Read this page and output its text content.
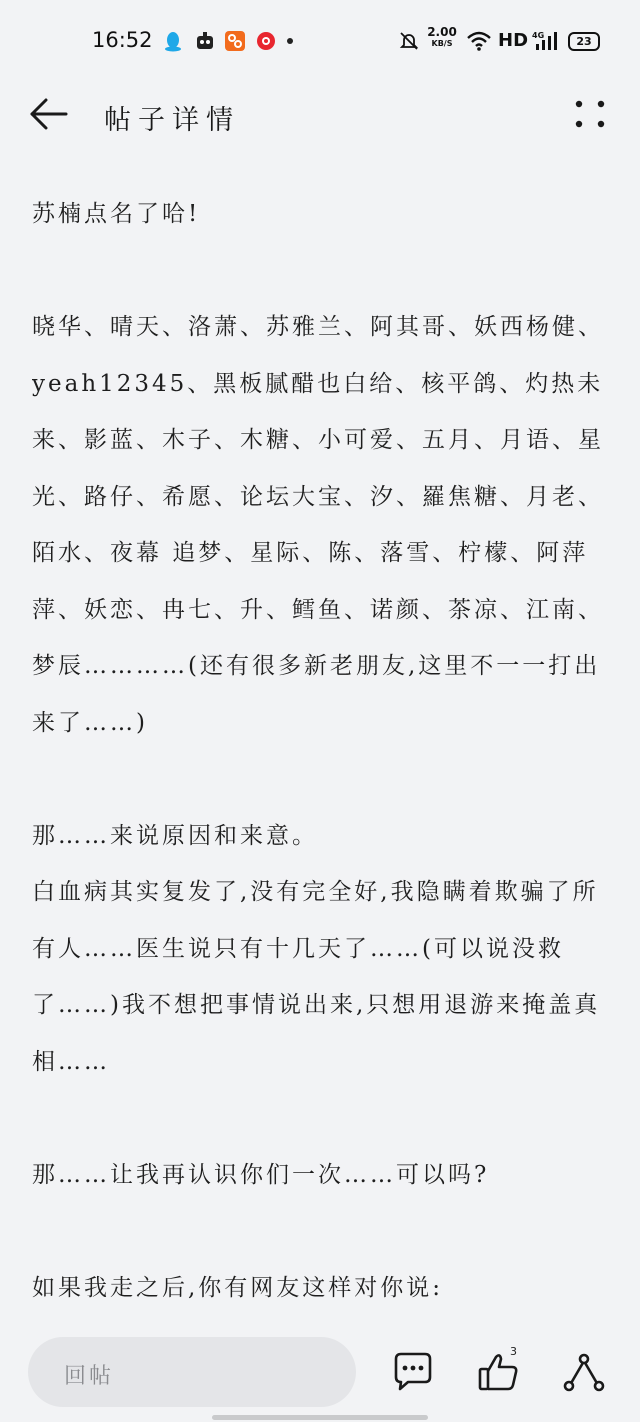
16:52	2.00
KB/S	HD 4G	23
帖子详情

苏楠点名了哈!

晓华、晴天、洛萧、苏雅兰、阿其哥、妖西杨健、yeah12345、黑板腻醋也白给、核平鸽、灼热未来、影蓝、木子、木糖、小可爱、五月、月语、星光、路仔、希愿、论坛大宝、汐、羅焦糖、月老、陌水、夜幕 追梦、星际、陈、落雪、柠檬、阿萍萍、妖恋、冉七、升、鳕鱼、诺颜、茶凉、江南、梦辰…………(还有很多新老朋友,这里不一一打出来了……)

那……来说原因和来意。

白血病其实复发了,没有完全好,我隐瞒着欺骗了所有人……医生说只有十几天了……(可以说没救了……)我不想把事情说出来,只想用退游来掩盖真相……

那……让我再认识你们一次……可以吗?

如果我走之后,你有网友这样对你说:

回帖
3
